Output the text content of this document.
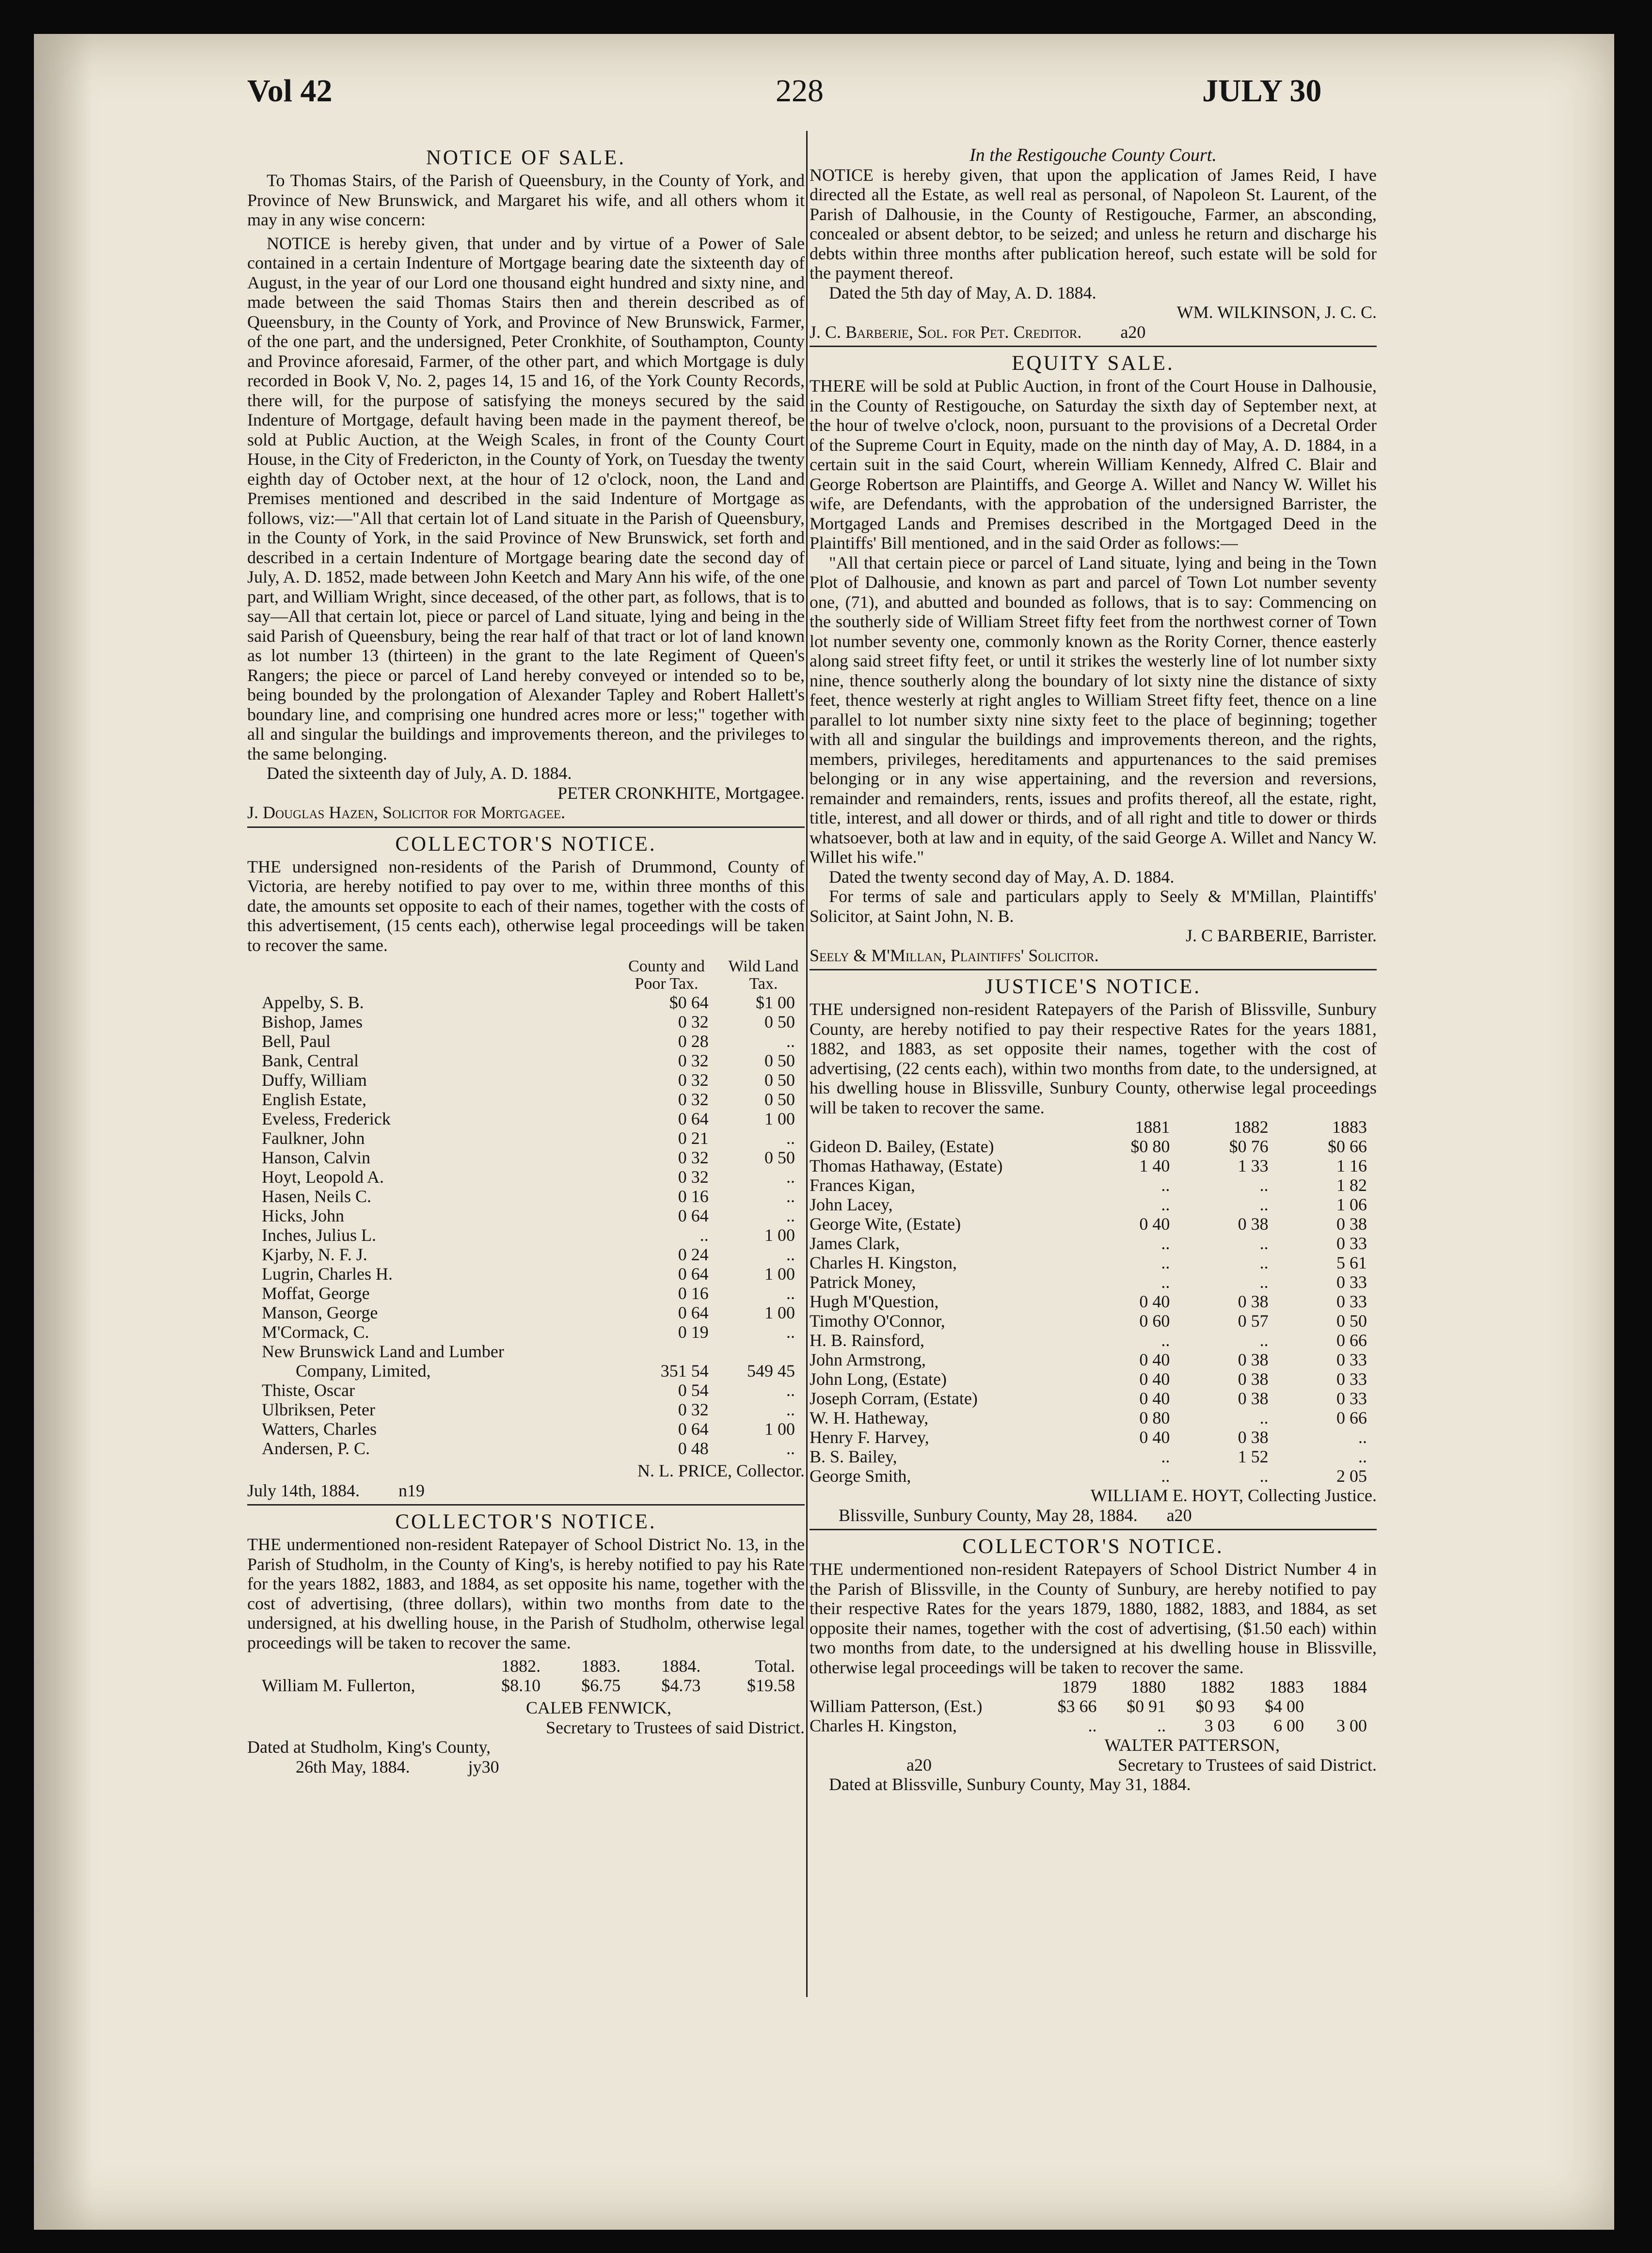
Vol 42	228	JULY 30
NOTICE OF SALE.

To Thomas Stairs, of the Parish of Queensbury, in the County of York, and Province of New Brunswick, and Margaret his wife, and all others whom it may in any wise concern:

NOTICE is hereby given, that under and by virtue of a Power of Sale contained in a certain Indenture of Mortgage bearing date the sixteenth day of August, in the year of our Lord one thousand eight hundred and sixty nine, and made between the said Thomas Stairs then and therein described as of Queensbury, in the County of York, and Province of New Brunswick, Farmer, of the one part, and the undersigned, Peter Cronkhite, of Southampton, County and Province aforesaid, Farmer, of the other part, and which Mortgage is duly recorded in Book V, No. 2, pages 14, 15 and 16, of the York County Records, there will, for the purpose of satisfying the moneys secured by the said Indenture of Mortgage, default having been made in the payment thereof, be sold at Public Auction, at the Weigh Scales, in front of the County Court House, in the City of Fredericton, in the County of York, on Tuesday the twenty eighth day of October next, at the hour of 12 o'clock, noon, the Land and Premises mentioned and described in the said Indenture of Mortgage as follows, viz:—"All that certain lot of Land situate in the Parish of Queensbury, in the County of York, in the said Province of New Brunswick, set forth and described in a certain Indenture of Mortgage bearing date the second day of July, A. D. 1852, made between John Keetch and Mary Ann his wife, of the one part, and William Wright, since deceased, of the other part, as follows, that is to say—All that certain lot, piece or parcel of Land situate, lying and being in the said Parish of Queensbury, being the rear half of that tract or lot of land known as lot number 13 (thirteen) in the grant to the late Regiment of Queen's Rangers; the piece or parcel of Land hereby conveyed or intended so to be, being bounded by the prolongation of Alexander Tapley and Robert Hallett's boundary line, and comprising one hundred acres more or less;" together with all and singular the buildings and improvements thereon, and the privileges to the same belonging.

Dated the sixteenth day of July, A. D. 1884.

PETER CRONKHITE, Mortgagee.

J. Douglas Hazen, Solicitor for Mortgagee.

COLLECTOR'S NOTICE.

THE undersigned non-residents of the Parish of Drummond, County of Victoria, are hereby notified to pay over to me, within three months of this date, the amounts set opposite to each of their names, together with the costs of this advertisement, (15 cents each), otherwise legal proceedings will be taken to recover the same.

County and Poor Tax.
Wild Land Tax.
Appelby, S. B.	$0 64	$1 00
Bishop, James	0 32	0 50
Bell, Paul	0 28	..
Bank, Central	0 32	0 50
Duffy, William	0 32	0 50
English Estate,	0 32	0 50
Eveless, Frederick	0 64	1 00
Faulkner, John	0 21	..
Hanson, Calvin	0 32	0 50
Hoyt, Leopold A.	0 32	..
Hasen, Neils C.	0 16	..
Hicks, John	0 64	..
Inches, Julius L.	..	1 00
Kjarby, N. F. J.	0 24	..
Lugrin, Charles H.	0 64	1 00
Moffat, George	0 16	..
Manson, George	0 64	1 00
M'Cormack, C.	0 19	..
New Brunswick Land and Lumber		
Company, Limited,	351 54	549 45
Thiste, Oscar	0 54	..
Ulbriksen, Peter	0 32	..
Watters, Charles	0 64	1 00
Andersen, P. C.	0 48	..

N. L. PRICE, Collector.

July 14th, 1884. n19
COLLECTOR'S NOTICE.

THE undermentioned non-resident Ratepayer of School District No. 13, in the Parish of Studholm, in the County of King's, is hereby notified to pay his Rate for the years 1882, 1883, and 1884, as set opposite his name, together with the cost of advertising, (three dollars), within two months from date to the undersigned, at his dwelling house, in the Parish of Studholm, otherwise legal proceedings will be taken to recover the same.

	1882.	1883.	1884.	Total.
William M. Fullerton,	$8.10	$6.75	$4.73	$19.58

CALEB FENWICK,

Secretary to Trustees of said District.

Dated at Studholm, King's County,

26th May, 1884.	jy30

In the Restigouche County Court.

NOTICE is hereby given, that upon the application of James Reid, I have directed all the Estate, as well real as personal, of Napoleon St. Laurent, of the Parish of Dalhousie, in the County of Restigouche, Farmer, an absconding, concealed or absent debtor, to be seized; and unless he return and discharge his debts within three months after publication hereof, such estate will be sold for the payment thereof.

Dated the 5th day of May, A. D. 1884.

WM. WILKINSON, J. C. C.

J. C. Barberie, Sol. for Pet. Creditor. a20
EQUITY SALE.

THERE will be sold at Public Auction, in front of the Court House in Dalhousie, in the County of Restigouche, on Saturday the sixth day of September next, at the hour of twelve o'clock, noon, pursuant to the provisions of a Decretal Order of the Supreme Court in Equity, made on the ninth day of May, A. D. 1884, in a certain suit in the said Court, wherein William Kennedy, Alfred C. Blair and George Robertson are Plaintiffs, and George A. Willet and Nancy W. Willet his wife, are Defendants, with the approbation of the undersigned Barrister, the Mortgaged Lands and Premises described in the Mortgaged Deed in the Plaintiffs' Bill mentioned, and in the said Order as follows:—

"All that certain piece or parcel of Land situate, lying and being in the Town Plot of Dalhousie, and known as part and parcel of Town Lot number seventy one, (71), and abutted and bounded as follows, that is to say: Commencing on the southerly side of William Street fifty feet from the northwest corner of Town lot number seventy one, commonly known as the Rority Corner, thence easterly along said street fifty feet, or until it strikes the westerly line of lot number sixty nine, thence southerly along the boundary of lot sixty nine the distance of sixty feet, thence westerly at right angles to William Street fifty feet, thence on a line parallel to lot number sixty nine sixty feet to the place of beginning; together with all and singular the buildings and improvements thereon, and the rights, members, privileges, hereditaments and appurtenances to the said premises belonging or in any wise appertaining, and the reversion and reversions, remainder and remainders, rents, issues and profits thereof, all the estate, right, title, interest, and all dower or thirds, and of all right and title to dower or thirds whatsoever, both at law and in equity, of the said George A. Willet and Nancy W. Willet his wife."

Dated the twenty second day of May, A. D. 1884.

For terms of sale and particulars apply to Seely & M'Millan, Plaintiffs' Solicitor, at Saint John, N. B.

J. C BARBERIE, Barrister.

Seely & M'Millan, Plaintiffs' Solicitor.

JUSTICE'S NOTICE.

THE undersigned non-resident Ratepayers of the Parish of Blissville, Sunbury County, are hereby notified to pay their respective Rates for the years 1881, 1882, and 1883, as set opposite their names, together with the cost of advertising, (22 cents each), within two months from date, to the undersigned, at his dwelling house in Blissville, Sunbury County, otherwise legal proceedings will be taken to recover the same.

	1881	1882	1883
Gideon D. Bailey, (Estate)	$0 80	$0 76	$0 66
Thomas Hathaway, (Estate)	1 40	1 33	1 16
Frances Kigan,	..	..	1 82
John Lacey,	..	..	1 06
George Wite, (Estate)	0 40	0 38	0 38
James Clark,	..	..	0 33
Charles H. Kingston,	..	..	5 61
Patrick Money,	..	..	0 33
Hugh M'Question,	0 40	0 38	0 33
Timothy O'Connor,	0 60	0 57	0 50
H. B. Rainsford,	..	..	0 66
John Armstrong,	0 40	0 38	0 33
John Long, (Estate)	0 40	0 38	0 33
Joseph Corram, (Estate)	0 40	0 38	0 33
W. H. Hatheway,	0 80	..	0 66
Henry F. Harvey,	0 40	0 38	..
B. S. Bailey,	..	1 52	..
George Smith,	..	..	2 05

WILLIAM E. HOYT, Collecting Justice.

Blissville, Sunbury County, May 28, 1884. a20
COLLECTOR'S NOTICE.

THE undermentioned non-resident Ratepayers of School District Number 4 in the Parish of Blissville, in the County of Sunbury, are hereby notified to pay their respective Rates for the years 1879, 1880, 1882, 1883, and 1884, as set opposite their names, together with the cost of advertising, ($1.50 each) within two months from date, to the undersigned at his dwelling house in Blissville, otherwise legal proceedings will be taken to recover the same.

	1879	1880	1882	1883	1884
William Patterson, (Est.)	$3 66	$0 91	$0 93	$4 00	
Charles H. Kingston,	..	..	3 03	6 00	3 00

WALTER PATTERSON,

a20	Secretary to Trustees of said District.

Dated at Blissville, Sunbury County, May 31, 1884.
